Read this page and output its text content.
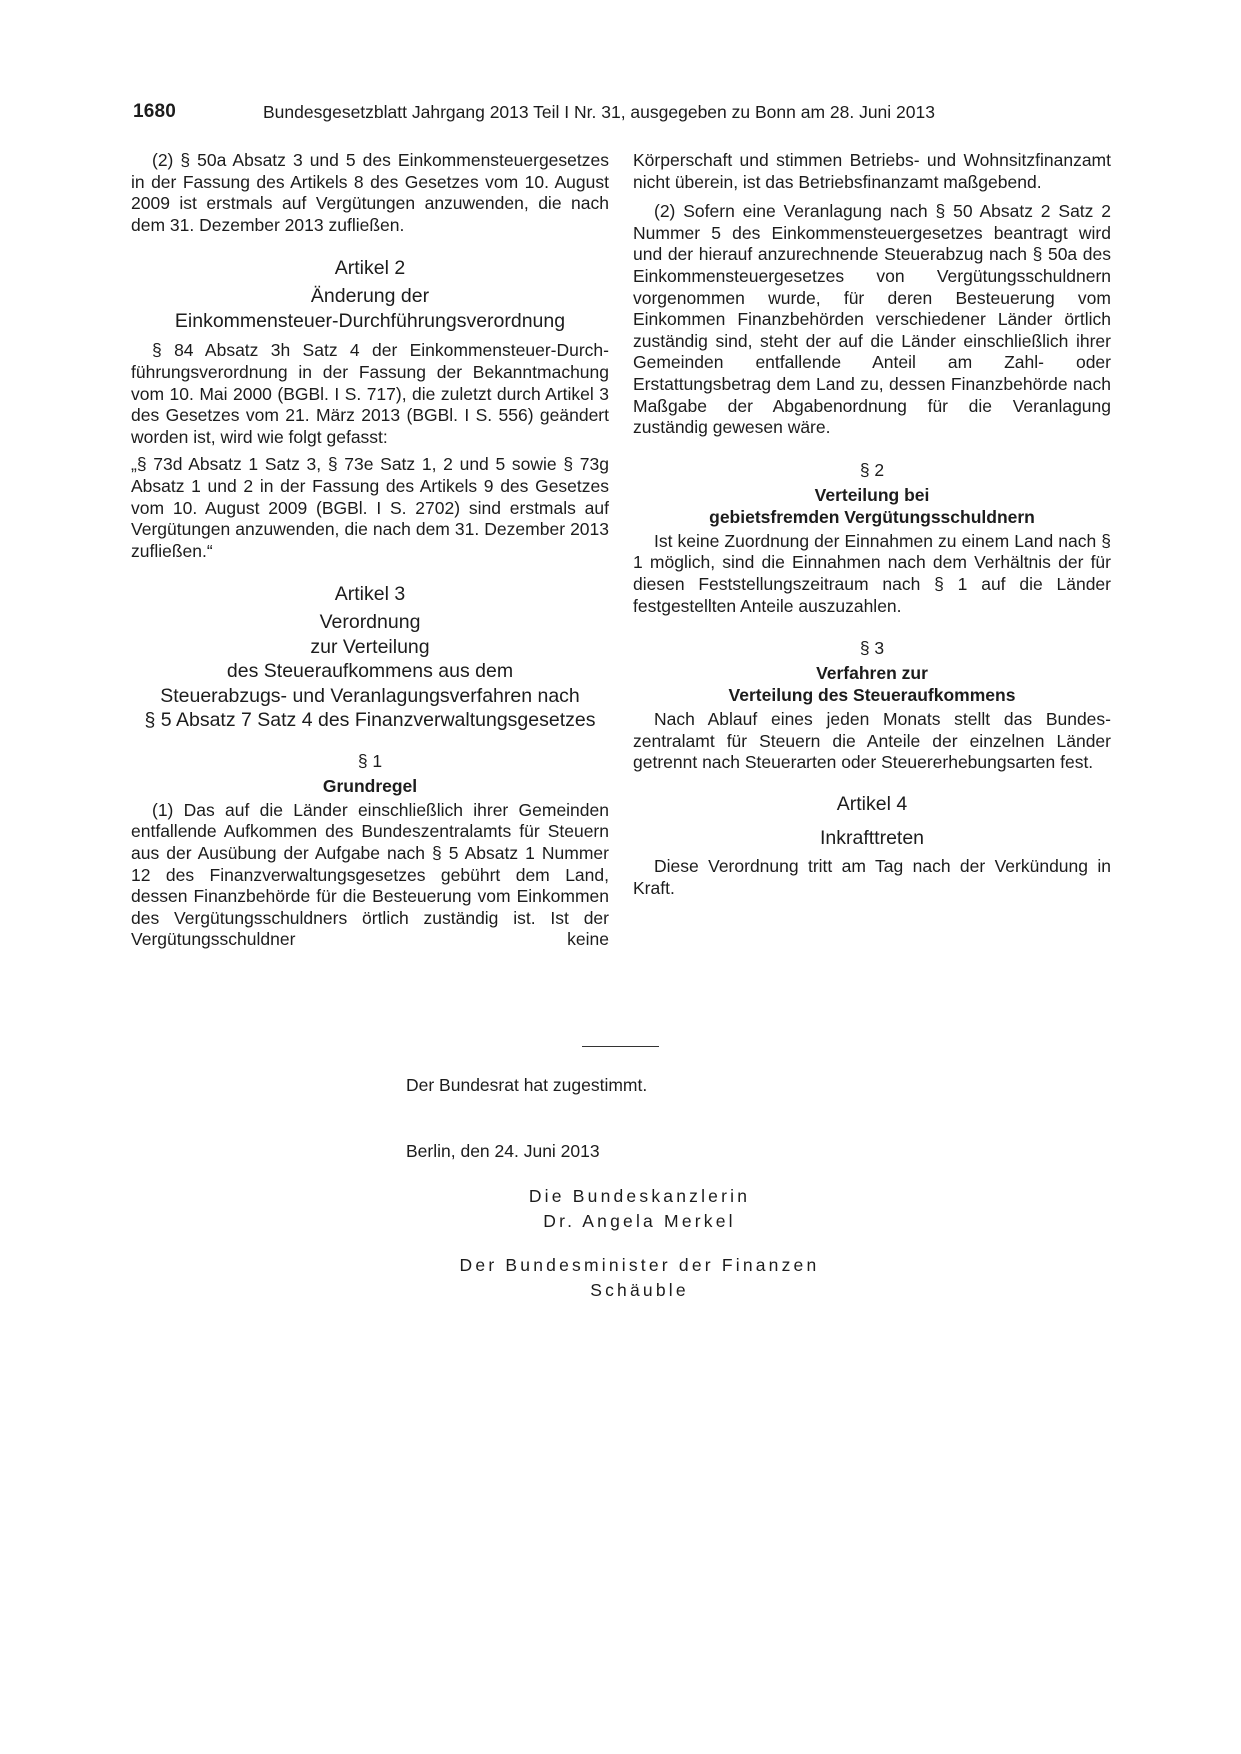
1680	Bundesgesetzblatt Jahrgang 2013 Teil I Nr. 31, ausgegeben zu Bonn am 28. Juni 2013

(2) § 50a Absatz 3 und 5 des Einkommensteuergesetzes in der Fassung des Artikels 8 des Gesetzes vom 10. August 2009 ist erstmals auf Vergütungen anzuwenden, die nach dem 31. Dezember 2013 zufließen.

Artikel 2

Änderung der

Einkommensteuer-Durchführungsverordnung

§ 84 Absatz 3h Satz 4 der Einkommensteuer-Durchführungsverordnung in der Fassung der Bekanntmachung vom 10. Mai 2000 (BGBl. I S. 717), die zuletzt durch Artikel 3 des Gesetzes vom 21. März 2013 (BGBl. I S. 556) geändert worden ist, wird wie folgt gefasst:

„§ 73d Absatz 1 Satz 3, § 73e Satz 1, 2 und 5 sowie § 73g Absatz 1 und 2 in der Fassung des Artikels 9 des Gesetzes vom 10. August 2009 (BGBl. I S. 2702) sind erstmals auf Vergütungen anzuwenden, die nach dem 31. Dezember 2013 zufließen.“

Artikel 3

Verordnung

zur Verteilung

des Steueraufkommens aus dem

Steuerabzugs- und Veranlagungsverfahren nach

§ 5 Absatz 7 Satz 4 des Finanzverwaltungsgesetzes

§ 1

Grundregel

(1) Das auf die Länder einschließlich ihrer Gemeinden entfallende Aufkommen des Bundeszentralamts für Steuern aus der Ausübung der Aufgabe nach § 5 Absatz 1 Nummer 12 des Finanzverwaltungsgesetzes gebührt dem Land, dessen Finanzbehörde für die Besteuerung vom Einkommen des Vergütungsschuldners örtlich zuständig ist. Ist der Vergütungsschuldner keine

Körperschaft und stimmen Betriebs- und Wohnsitzfinanzamt nicht überein, ist das Betriebsfinanzamt maßgebend.

(2) Sofern eine Veranlagung nach § 50 Absatz 2 Satz 2 Nummer 5 des Einkommensteuergesetzes beantragt wird und der hierauf anzurechnende Steuerabzug nach § 50a des Einkommensteuergesetzes von Vergütungsschuldnern vorgenommen wurde, für deren Besteuerung vom Einkommen Finanzbehörden verschiedener Länder örtlich zuständig sind, steht der auf die Länder einschließlich ihrer Gemeinden entfallende Anteil am Zahl- oder Erstattungsbetrag dem Land zu, dessen Finanzbehörde nach Maßgabe der Abgabenordnung für die Veranlagung zuständig gewesen wäre.

§ 2

Verteilung bei

gebietsfremden Vergütungsschuldnern

Ist keine Zuordnung der Einnahmen zu einem Land nach § 1 möglich, sind die Einnahmen nach dem Verhältnis der für diesen Feststellungszeitraum nach § 1 auf die Länder festgestellten Anteile auszuzahlen.

§ 3

Verfahren zur

Verteilung des Steueraufkommens

Nach Ablauf eines jeden Monats stellt das Bundeszentralamt für Steuern die Anteile der einzelnen Länder getrennt nach Steuerarten oder Steuererhebungsarten fest.

Artikel 4

Inkrafttreten

Diese Verordnung tritt am Tag nach der Verkündung in Kraft.

Der Bundesrat hat zugestimmt.
Berlin, den 24. Juni 2013
Die Bundeskanzlerin
Dr. Angela Merkel
Der Bundesminister der Finanzen
Schäuble
